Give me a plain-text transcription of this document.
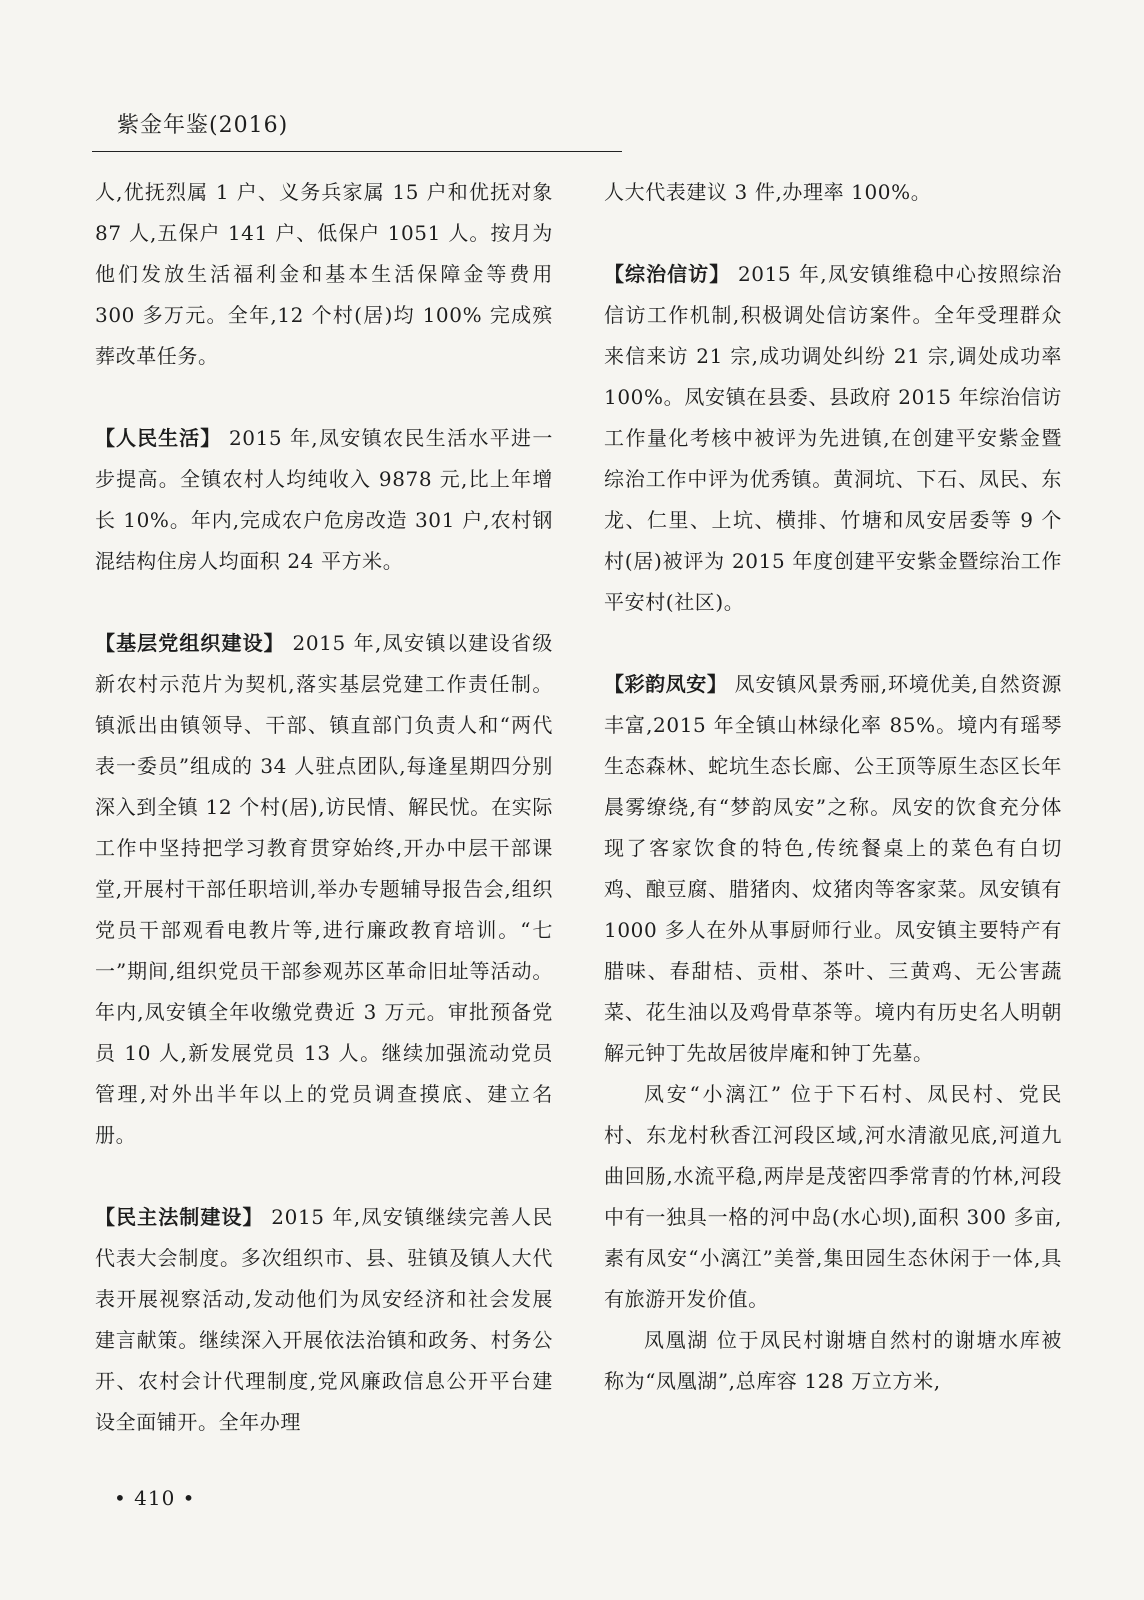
紫金年鉴(2016)

人,优抚烈属 1 户、义务兵家属 15 户和优抚对象 87 人,五保户 141 户、低保户 1051 人。按月为他们发放生活福利金和基本生活保障金等费用 300 多万元。全年,12 个村(居)均 100% 完成殡葬改革任务。

【人民生活】 2015 年,凤安镇农民生活水平进一步提高。全镇农村人均纯收入 9878 元,比上年增长 10%。年内,完成农户危房改造 301 户,农村钢混结构住房人均面积 24 平方米。

【基层党组织建设】 2015 年,凤安镇以建设省级新农村示范片为契机,落实基层党建工作责任制。镇派出由镇领导、干部、镇直部门负责人和“两代表一委员”组成的 34 人驻点团队,每逢星期四分别深入到全镇 12 个村(居),访民情、解民忧。在实际工作中坚持把学习教育贯穿始终,开办中层干部课堂,开展村干部任职培训,举办专题辅导报告会,组织党员干部观看电教片等,进行廉政教育培训。“七一”期间,组织党员干部参观苏区革命旧址等活动。年内,凤安镇全年收缴党费近 3 万元。审批预备党员 10 人,新发展党员 13 人。继续加强流动党员管理,对外出半年以上的党员调查摸底、建立名册。

【民主法制建设】 2015 年,凤安镇继续完善人民代表大会制度。多次组织市、县、驻镇及镇人大代表开展视察活动,发动他们为凤安经济和社会发展建言献策。继续深入开展依法治镇和政务、村务公开、农村会计代理制度,党风廉政信息公开平台建设全面铺开。全年办理

人大代表建议 3 件,办理率 100%。

【综治信访】 2015 年,凤安镇维稳中心按照综治信访工作机制,积极调处信访案件。全年受理群众来信来访 21 宗,成功调处纠纷 21 宗,调处成功率 100%。凤安镇在县委、县政府 2015 年综治信访工作量化考核中被评为先进镇,在创建平安紫金暨综治工作中评为优秀镇。黄洞坑、下石、凤民、东龙、仁里、上坑、横排、竹塘和凤安居委等 9 个村(居)被评为 2015 年度创建平安紫金暨综治工作平安村(社区)。

【彩韵凤安】 凤安镇风景秀丽,环境优美,自然资源丰富,2015 年全镇山林绿化率 85%。境内有瑶琴生态森林、蛇坑生态长廊、公王顶等原生态区长年晨雾缭绕,有“梦韵凤安”之称。凤安的饮食充分体现了客家饮食的特色,传统餐桌上的菜色有白切鸡、酿豆腐、腊猪肉、炆猪肉等客家菜。凤安镇有 1000 多人在外从事厨师行业。凤安镇主要特产有腊味、春甜桔、贡柑、茶叶、三黄鸡、无公害蔬菜、花生油以及鸡骨草茶等。境内有历史名人明朝解元钟丁先故居彼岸庵和钟丁先墓。

凤安“小漓江” 位于下石村、凤民村、党民村、东龙村秋香江河段区域,河水清澈见底,河道九曲回肠,水流平稳,两岸是茂密四季常青的竹林,河段中有一独具一格的河中岛(水心坝),面积 300 多亩,素有凤安“小漓江”美誉,集田园生态休闲于一体,具有旅游开发价值。

凤凰湖 位于凤民村谢塘自然村的谢塘水库被称为“凤凰湖”,总库容 128 万立方米,

• 410 •
